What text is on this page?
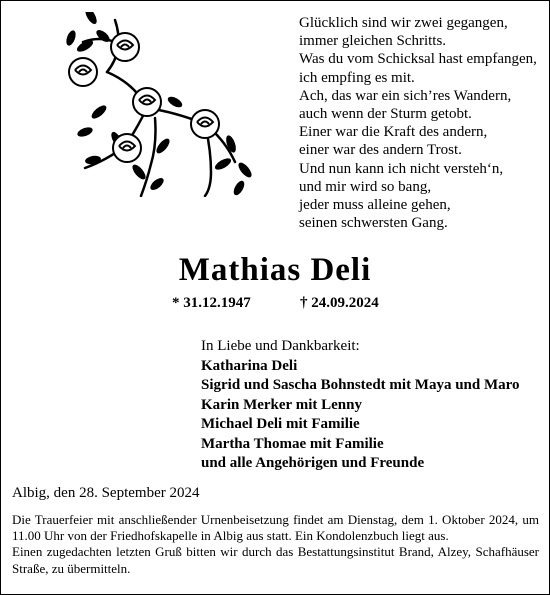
Glücklich sind wir zwei gegangen,
immer gleichen Schritts.
Was du vom Schicksal hast empfangen,
ich empfing es mit.
Ach, das war ein sich’res Wandern,
auch wenn der Sturm getobt.
Einer war die Kraft des andern,
einer war des andern Trost.
Und nun kann ich nicht versteh‘n,
und mir wird so bang,
jeder muss alleine gehen,
seinen schwersten Gang.
Mathias Deli
* 31.12.1947	† 24.09.2024
In Liebe und Dankbarkeit:
Katharina Deli
Sigrid und Sascha Bohnstedt mit Maya und Maro
Karin Merker mit Lenny
Michael Deli mit Familie
Martha Thomae mit Familie
und alle Angehörigen und Freunde
Albig, den 28. September 2024

Die Trauerfeier mit anschließender Urnenbeisetzung findet am Dienstag, dem 1. Oktober 2024, um 11.00 Uhr von der Friedhofskapelle in Albig aus statt. Ein Kondolenzbuch liegt aus.

Einen zugedachten letzten Gruß bitten wir durch das Bestattungsinstitut Brand, Alzey, Schafhäuser Straße, zu übermitteln.
